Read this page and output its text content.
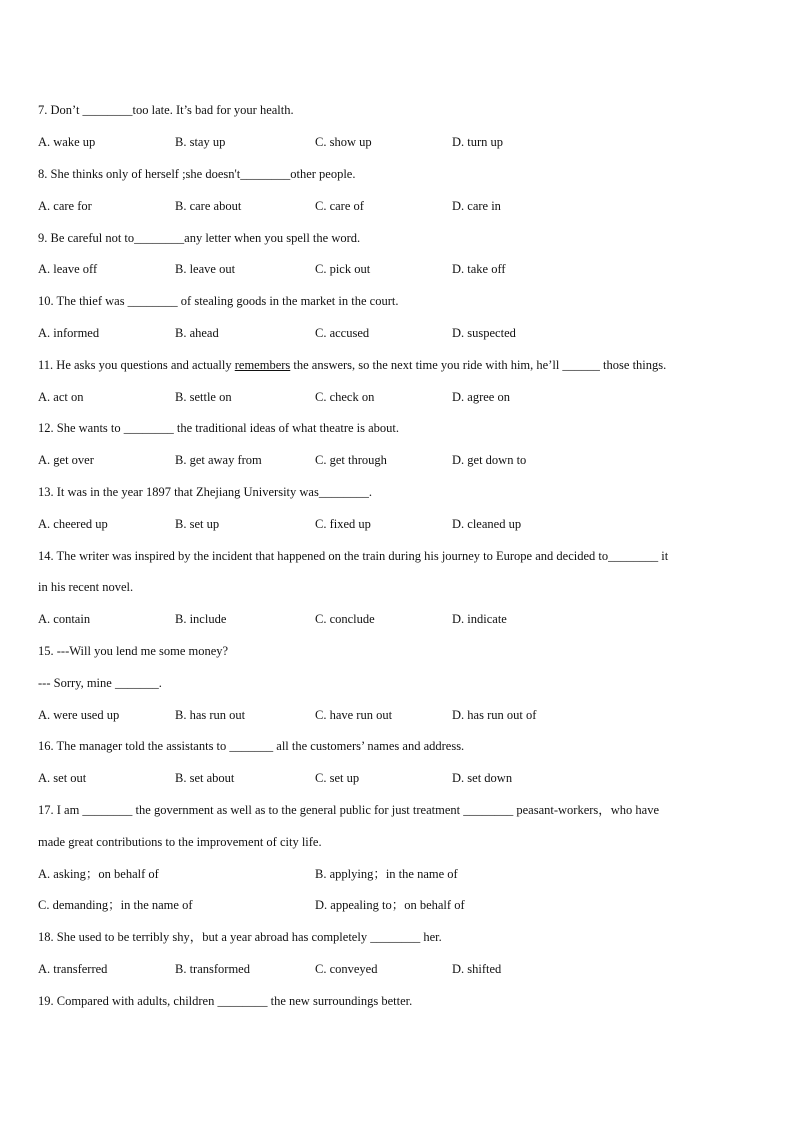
7. Don’t ________too late. It’s bad for your health.
A. wake up	B. stay up	C. show up	D. turn up
8. She thinks only of herself ;she doesn't________other people.
A. care for	B. care about	C. care of	D. care in
9. Be careful not to________any letter when you spell the word.
A. leave off	B. leave out	C. pick out	D. take off
10. The thief was ________ of stealing goods in the market in the court.
A. informed	B. ahead	C. accused	D. suspected
11. He asks you questions and actually remembers the answers, so the next time you ride with him, he’ll ______ those things.
A. act on	B. settle on	C. check on	D. agree on
12. She wants to ________ the traditional ideas of what theatre is about.
A. get over	B. get away from	C. get through	D. get down to
13. It was in the year 1897 that Zhejiang University was________.
A. cheered up	B. set up	C. fixed up	D. cleaned up
14. The writer was inspired by the incident that happened on the train during his journey to Europe and decided to________ it
in his recent novel.
A. contain	B. include	C. conclude	D. indicate
15. ---Will you lend me some money?
--- Sorry, mine _______.
A. were used up	B. has run out	C. have run out	D. has run out of
16. The manager told the assistants to _______ all the customers’ names and address.
A. set out	B. set about	C. set up	D. set down
17. I am ________ the government as well as to the general public for just treatment ________ peasant-workers，who have
made great contributions to the improvement of city life.
A. asking；on behalf of	B. applying；in the name of
C. demanding；in the name of	D. appealing to；on behalf of
18. She used to be terribly shy，but a year abroad has completely ________ her.
A. transferred	B. transformed	C. conveyed	D. shifted
19. Compared with adults, children ________ the new surroundings better.
